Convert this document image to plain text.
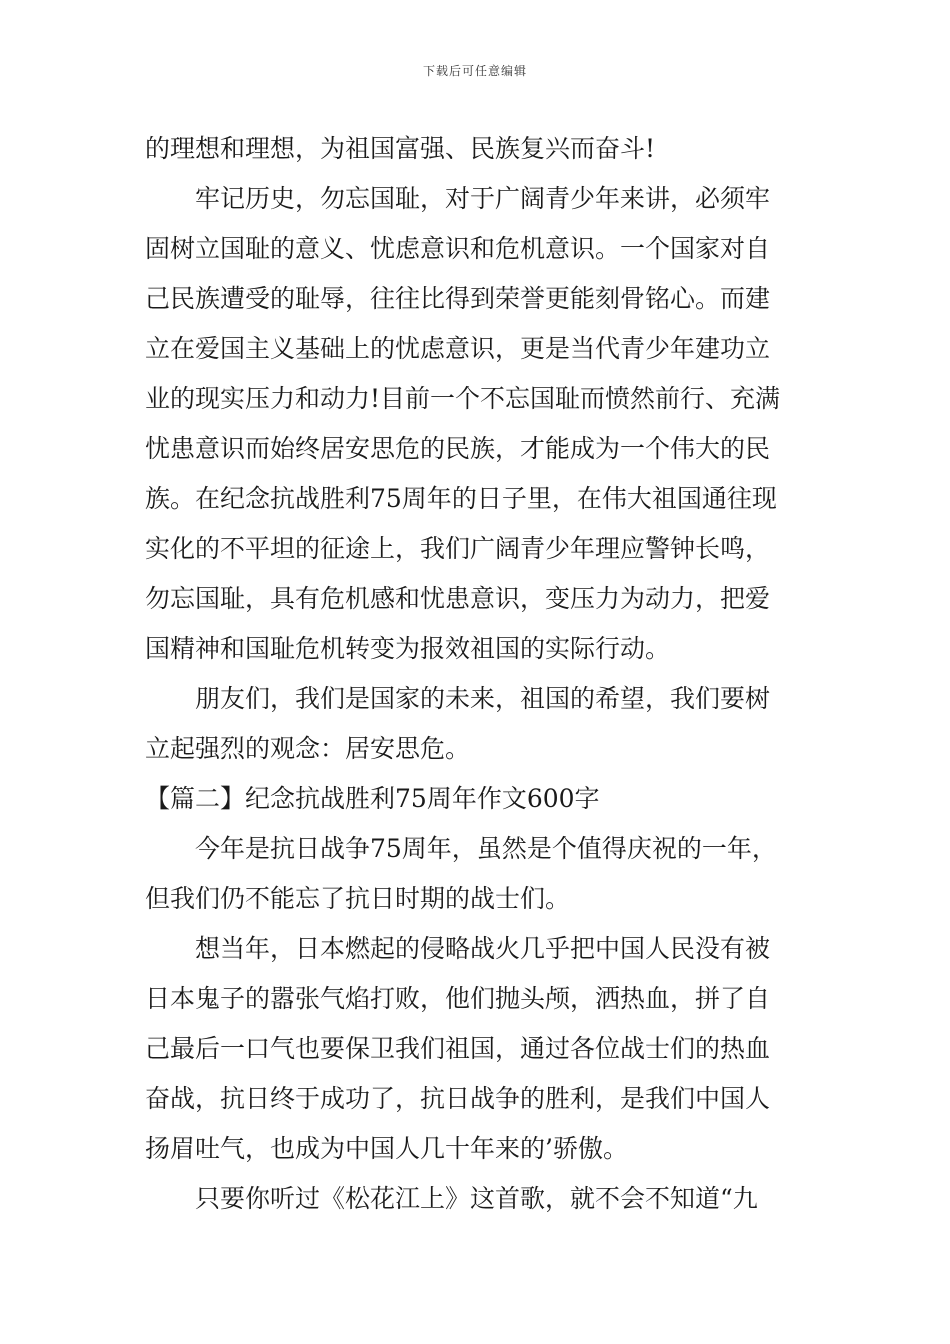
下载后可任意编辑
的理想和理想，为祖国富强、民族复兴而奋斗!
牢记历史，勿忘国耻，对于广阔青少年来讲，必须牢
固树立国耻的意义、忧虑意识和危机意识。一个国家对自
己民族遭受的耻辱，往往比得到荣誉更能刻骨铭心。而建
立在爱国主义基础上的忧虑意识，更是当代青少年建功立
业的现实压力和动力!目前一个不忘国耻而愤然前行、充满
忧患意识而始终居安思危的民族，才能成为一个伟大的民
族。在纪念抗战胜利75周年的日子里，在伟大祖国通往现
实化的不平坦的征途上，我们广阔青少年理应警钟长鸣，
勿忘国耻，具有危机感和忧患意识，变压力为动力，把爱
国精神和国耻危机转变为报效祖国的实际行动。
朋友们，我们是国家的未来，祖国的希望，我们要树
立起强烈的观念：居安思危。
【篇二】纪念抗战胜利75周年作文600字
今年是抗日战争75周年，虽然是个值得庆祝的一年，
但我们仍不能忘了抗日时期的战士们。
想当年，日本燃起的侵略战火几乎把中国人民没有被
日本鬼子的嚣张气焰打败，他们抛头颅，洒热血，拼了自
己最后一口气也要保卫我们祖国，通过各位战士们的热血
奋战，抗日终于成功了，抗日战争的胜利，是我们中国人
扬眉吐气，也成为中国人几十年来的’骄傲。
只要你听过《松花江上》这首歌，就不会不知道“九
